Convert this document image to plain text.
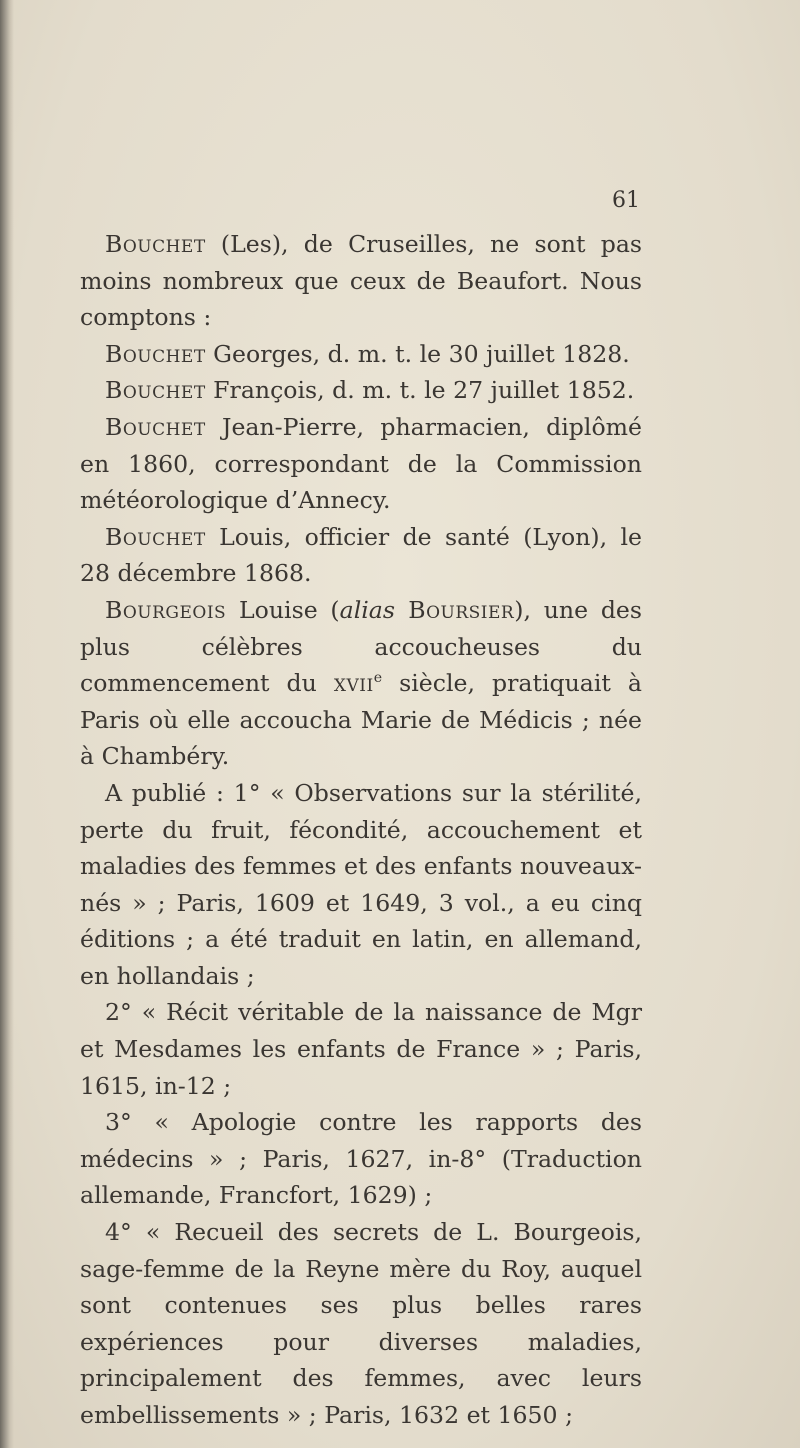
61

Bouchet (Les), de Cruseilles, ne sont pas moins nombreux que ceux de Beaufort. Nous comptons :

Bouchet Georges, d. m. t. le 30 juillet 1828.

Bouchet François, d. m. t. le 27 juillet 1852.

Bouchet Jean-Pierre, pharmacien, diplômé en 1860, correspondant de la Commission météorologique d’Annecy.

Bouchet Louis, officier de santé (Lyon), le 28 décembre 1868.

Bourgeois Louise (alias Boursier), une des plus célèbres accoucheuses du commencement du xvii$^e$ siècle, pratiquait à Paris où elle accoucha Marie de Médicis ; née à Chambéry.

A publié : 1° « Observations sur la stérilité, perte du fruit, fécondité, accouchement et maladies des femmes et des enfants nouveaux-nés » ; Paris, 1609 et 1649, 3 vol., a eu cinq éditions ; a été traduit en latin, en allemand, en hollandais ;

2° « Récit véritable de la naissance de Mgr et Mesdames les enfants de France » ; Paris, 1615, in-12 ;

3° « Apologie contre les rapports des médecins » ; Paris, 1627, in-8° (Traduction allemande, Francfort, 1629) ;

4° « Recueil des secrets de L. Bourgeois, sage-femme de la Reyne mère du Roy, auquel sont contenues ses plus belles rares expériences pour diverses maladies, principalement des femmes, avec leurs embellissements » ; Paris, 1632 et 1650 ;
